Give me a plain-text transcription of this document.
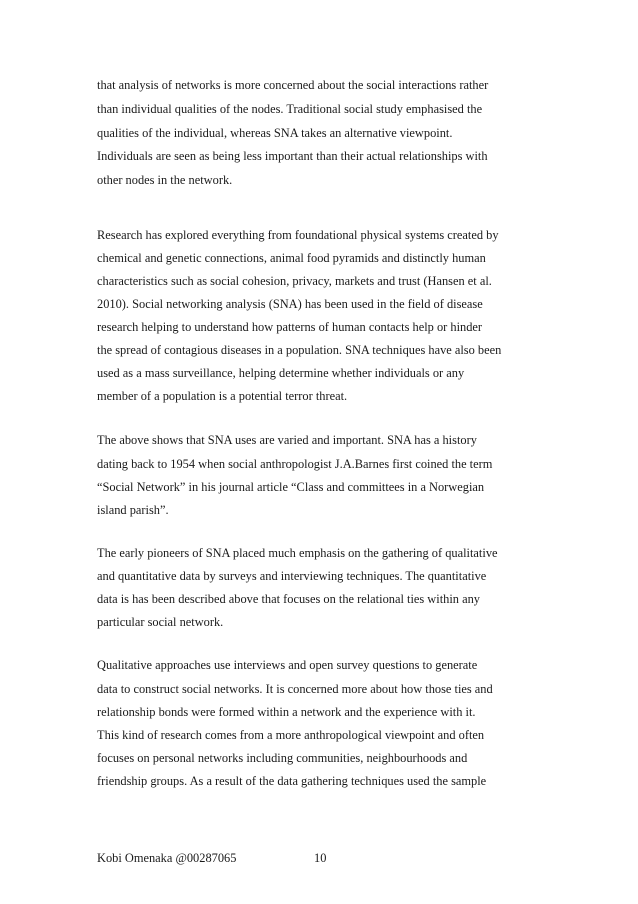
that analysis of networks is more concerned about the social interactions rather
than individual qualities of the nodes. Traditional social study emphasised the
qualities of the individual, whereas SNA takes an alternative viewpoint.
Individuals are seen as being less important than their actual relationships with
other nodes in the network.
Research has explored everything from foundational physical systems created by
chemical and genetic connections, animal food pyramids and distinctly human
characteristics such as social cohesion, privacy, markets and trust (Hansen et al.
2010). Social networking analysis (SNA) has been used in the field of disease
research helping to understand how patterns of human contacts help or hinder
the spread of contagious diseases in a population. SNA techniques have also been
used as a mass surveillance, helping determine whether individuals or any
member of a population is a potential terror threat.
The above shows that SNA uses are varied and important. SNA has a history
dating back to 1954 when social anthropologist J.A.Barnes first coined the term
“Social Network” in his journal article “Class and committees in a Norwegian
island parish”.
The early pioneers of SNA placed much emphasis on the gathering of qualitative
and quantitative data by surveys and interviewing techniques. The quantitative
data is has been described above that focuses on the relational ties within any
particular social network.
Qualitative approaches use interviews and open survey questions to generate
data to construct social networks. It is concerned more about how those ties and
relationship bonds were formed within a network and the experience with it.
This kind of research comes from a more anthropological viewpoint and often
focuses on personal networks including communities, neighbourhoods and
friendship groups. As a result of the data gathering techniques used the sample
Kobi Omenaka @00287065	10
